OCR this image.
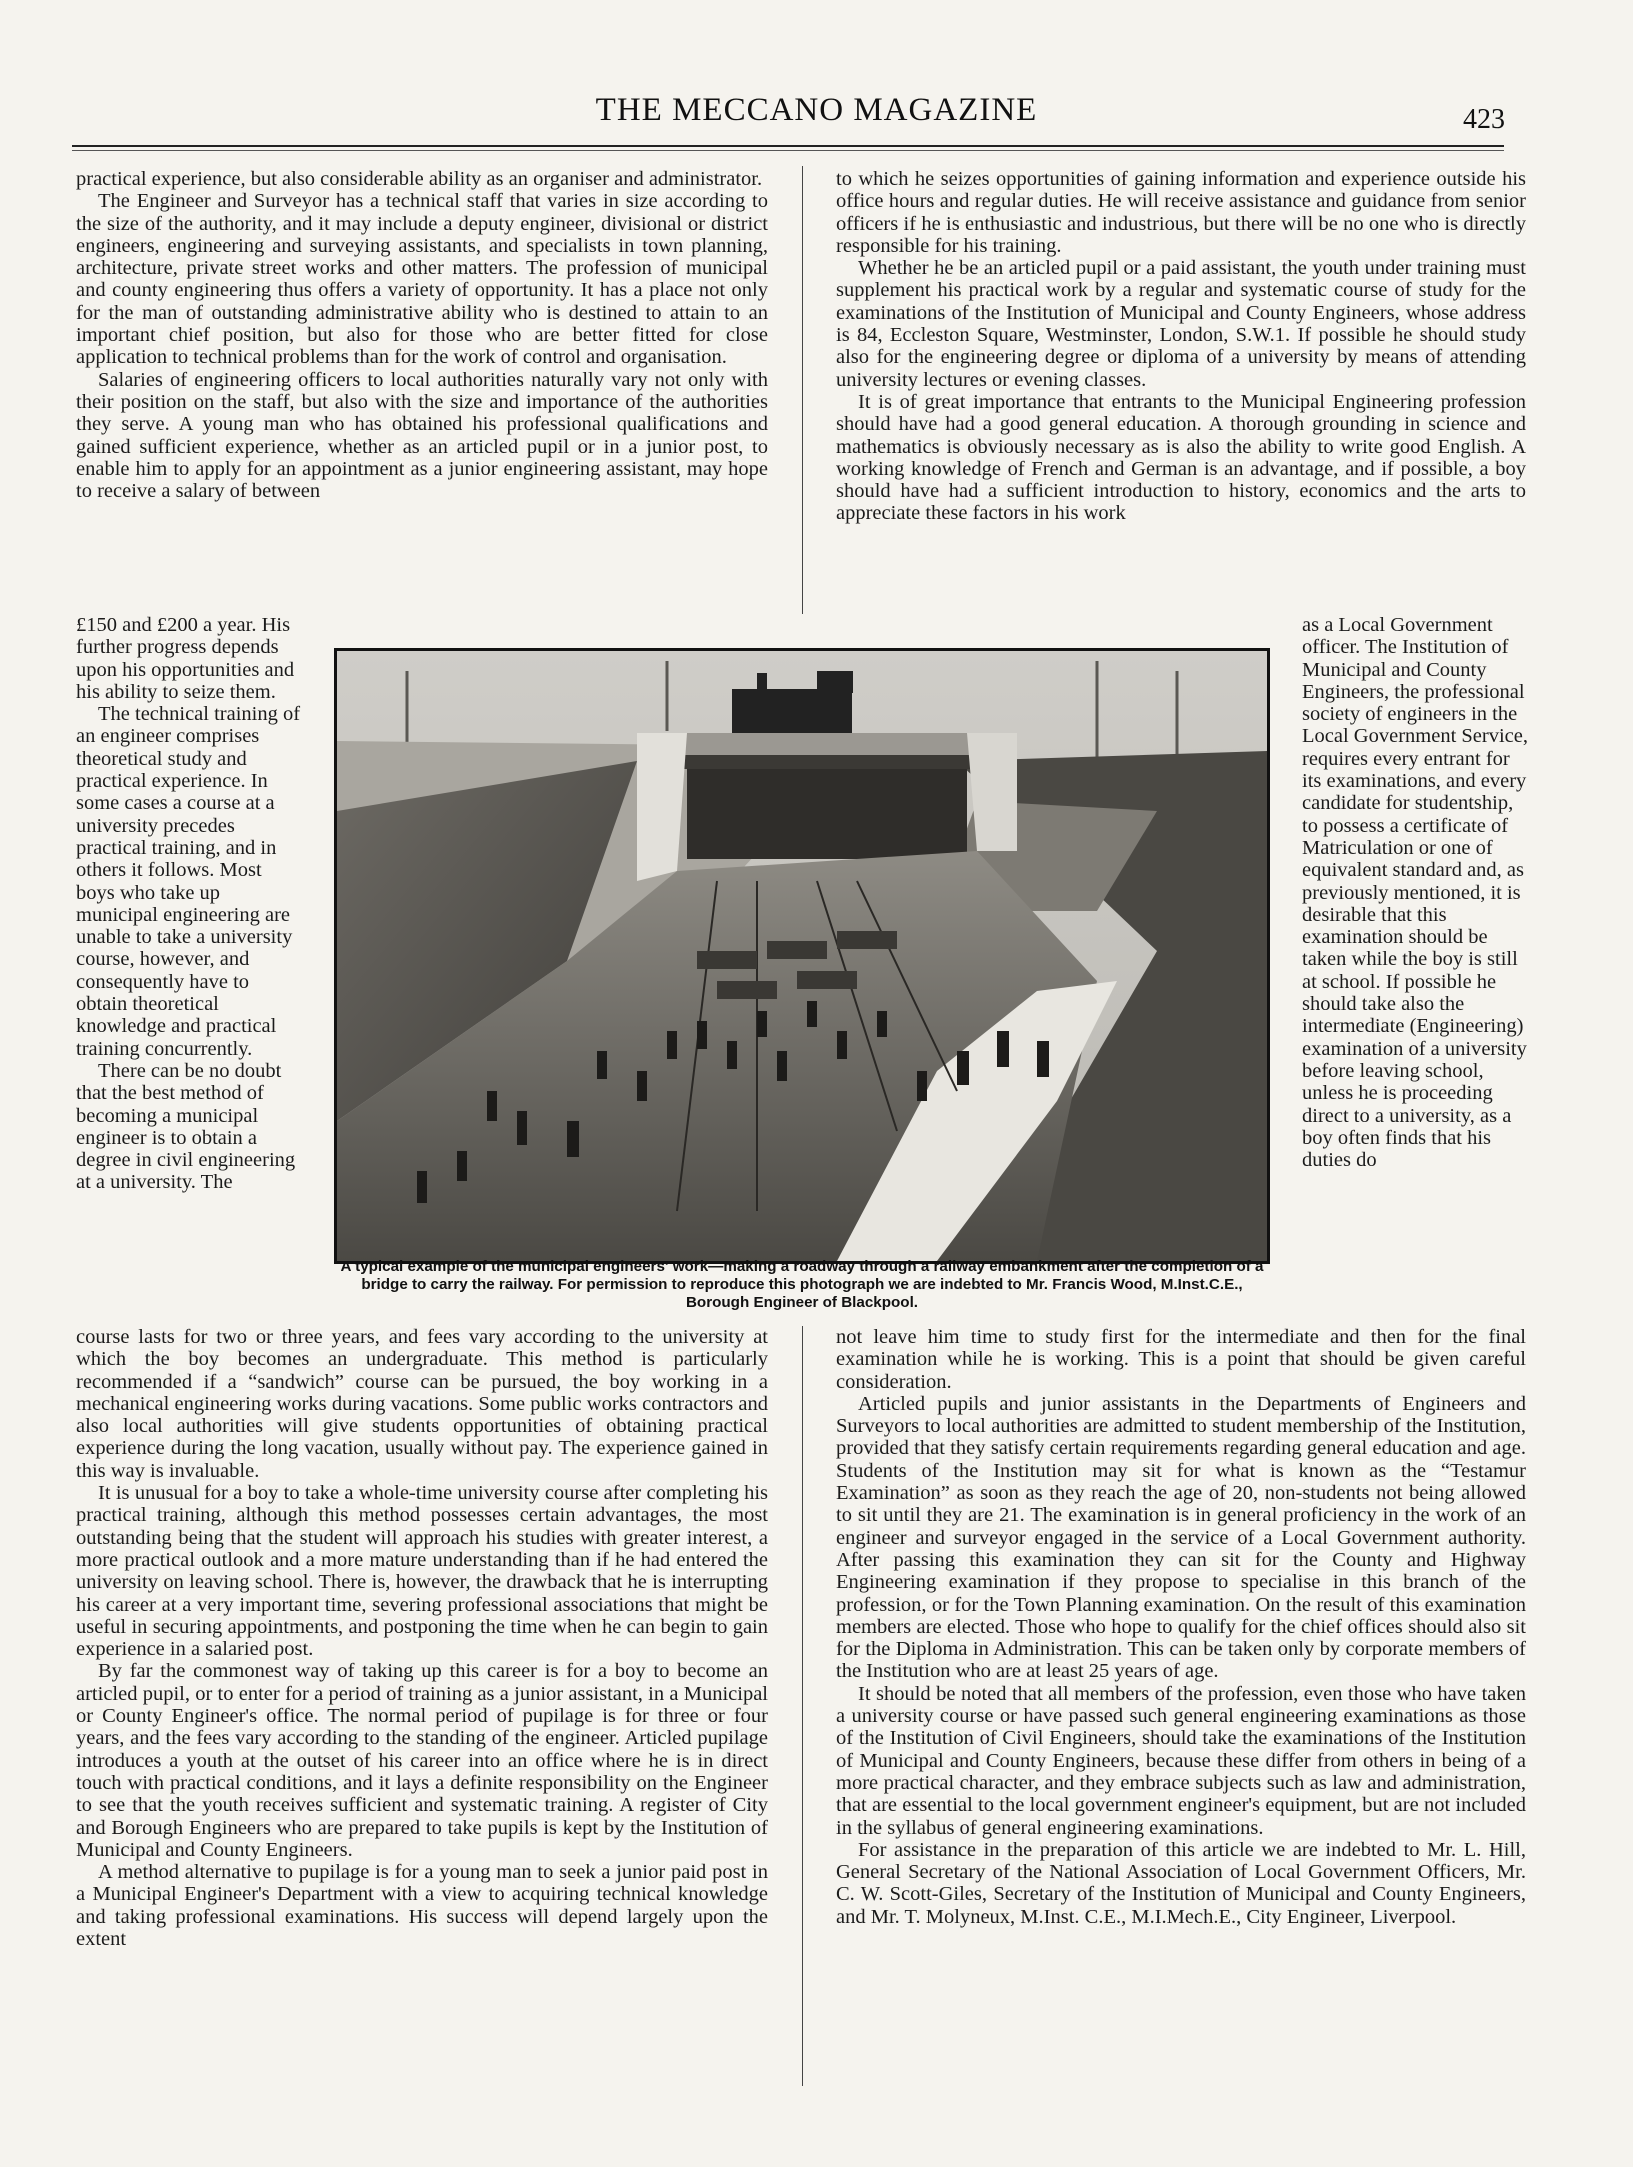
THE MECCANO MAGAZINE	423

practical experience, but also considerable ability as an organiser and administrator.

The Engineer and Surveyor has a technical staff that varies in size according to the size of the authority, and it may include a deputy engineer, divisional or district engineers, engineering and surveying assistants, and specialists in town planning, architecture, private street works and other matters. The profession of municipal and county engineering thus offers a variety of opportunity. It has a place not only for the man of outstanding administrative ability who is destined to attain to an important chief position, but also for those who are better fitted for close application to technical problems than for the work of control and organisation.

Salaries of engineering officers to local authorities naturally vary not only with their position on the staff, but also with the size and importance of the authorities they serve. A young man who has obtained his professional qualifications and gained sufficient experience, whether as an articled pupil or in a junior post, to enable him to apply for an appointment as a junior engineering assistant, may hope to receive a salary of between

to which he seizes opportunities of gaining information and experience outside his office hours and regular duties. He will receive assistance and guidance from senior officers if he is enthusiastic and industrious, but there will be no one who is directly responsible for his training.

Whether he be an articled pupil or a paid assistant, the youth under training must supplement his practical work by a regular and systematic course of study for the examinations of the Institution of Municipal and County Engineers, whose address is 84, Eccleston Square, Westminster, London, S.W.1. If possible he should study also for the engineering degree or diploma of a university by means of attending university lectures or evening classes.

It is of great importance that entrants to the Municipal Engineering profession should have had a good general education. A thorough grounding in science and mathematics is obviously necessary as is also the ability to write good English. A working knowledge of French and German is an advantage, and if possible, a boy should have had a sufficient introduction to history, economics and the arts to appreciate these factors in his work

£150 and £200 a year. His further progress depends upon his opportunities and his ability to seize them.

The technical training of an engineer comprises theoretical study and practical experience. In some cases a course at a university precedes practical training, and in others it follows. Most boys who take up municipal engineering are unable to take a university course, however, and consequently have to obtain theoretical knowledge and practical training concurrently.

There can be no doubt that the best method of becoming a municipal engineer is to obtain a degree in civil engineering at a university. The

as a Local Government officer. The Institution of Municipal and County Engineers, the professional society of engineers in the Local Government Service, requires every entrant for its examinations, and every candidate for studentship, to possess a certificate of Matriculation or one of equivalent standard and, as previously mentioned, it is desirable that this examination should be taken while the boy is still at school. If possible he should take also the intermediate (Engineering) examination of a university before leaving school, unless he is proceeding direct to a university, as a boy often finds that his duties do

A typical example of the municipal engineers' work—making a roadway through a railway embankment after the completion of a bridge to carry the railway. For permission to reproduce this photograph we are indebted to Mr. Francis Wood, M.Inst.C.E., Borough Engineer of Blackpool.

course lasts for two or three years, and fees vary according to the university at which the boy becomes an undergraduate. This method is particularly recommended if a “sandwich” course can be pursued, the boy working in a mechanical engineering works during vacations. Some public works contractors and also local authorities will give students opportunities of obtaining practical experience during the long vacation, usually without pay. The experience gained in this way is invaluable.

It is unusual for a boy to take a whole-time university course after completing his practical training, although this method possesses certain advantages, the most outstanding being that the student will approach his studies with greater interest, a more practical outlook and a more mature understanding than if he had entered the university on leaving school. There is, however, the drawback that he is interrupting his career at a very important time, severing professional associations that might be useful in securing appointments, and postponing the time when he can begin to gain experience in a salaried post.

By far the commonest way of taking up this career is for a boy to become an articled pupil, or to enter for a period of training as a junior assistant, in a Municipal or County Engineer's office. The normal period of pupilage is for three or four years, and the fees vary according to the standing of the engineer. Articled pupilage introduces a youth at the outset of his career into an office where he is in direct touch with practical conditions, and it lays a definite responsibility on the Engineer to see that the youth receives sufficient and systematic training. A register of City and Borough Engineers who are prepared to take pupils is kept by the Institution of Municipal and County Engineers.

A method alternative to pupilage is for a young man to seek a junior paid post in a Municipal Engineer's Department with a view to acquiring technical knowledge and taking professional examinations. His success will depend largely upon the extent

not leave him time to study first for the intermediate and then for the final examination while he is working. This is a point that should be given careful consideration.

Articled pupils and junior assistants in the Departments of Engineers and Surveyors to local authorities are admitted to student membership of the Institution, provided that they satisfy certain requirements regarding general education and age. Students of the Institution may sit for what is known as the “Testamur Examination” as soon as they reach the age of 20, non-students not being allowed to sit until they are 21. The examination is in general proficiency in the work of an engineer and surveyor engaged in the service of a Local Government authority. After passing this examination they can sit for the County and Highway Engineering examination if they propose to specialise in this branch of the profession, or for the Town Planning examination. On the result of this examination members are elected. Those who hope to qualify for the chief offices should also sit for the Diploma in Administration. This can be taken only by corporate members of the Institution who are at least 25 years of age.

It should be noted that all members of the profession, even those who have taken a university course or have passed such general engineering examinations as those of the Institution of Civil Engineers, should take the examinations of the Institution of Municipal and County Engineers, because these differ from others in being of a more practical character, and they embrace subjects such as law and administration, that are essential to the local government engineer's equipment, but are not included in the syllabus of general engineering examinations.

For assistance in the preparation of this article we are indebted to Mr. L. Hill, General Secretary of the National Association of Local Government Officers, Mr. C. W. Scott-Giles, Secretary of the Institution of Municipal and County Engineers, and Mr. T. Molyneux, M.Inst. C.E., M.I.Mech.E., City Engineer, Liverpool.
